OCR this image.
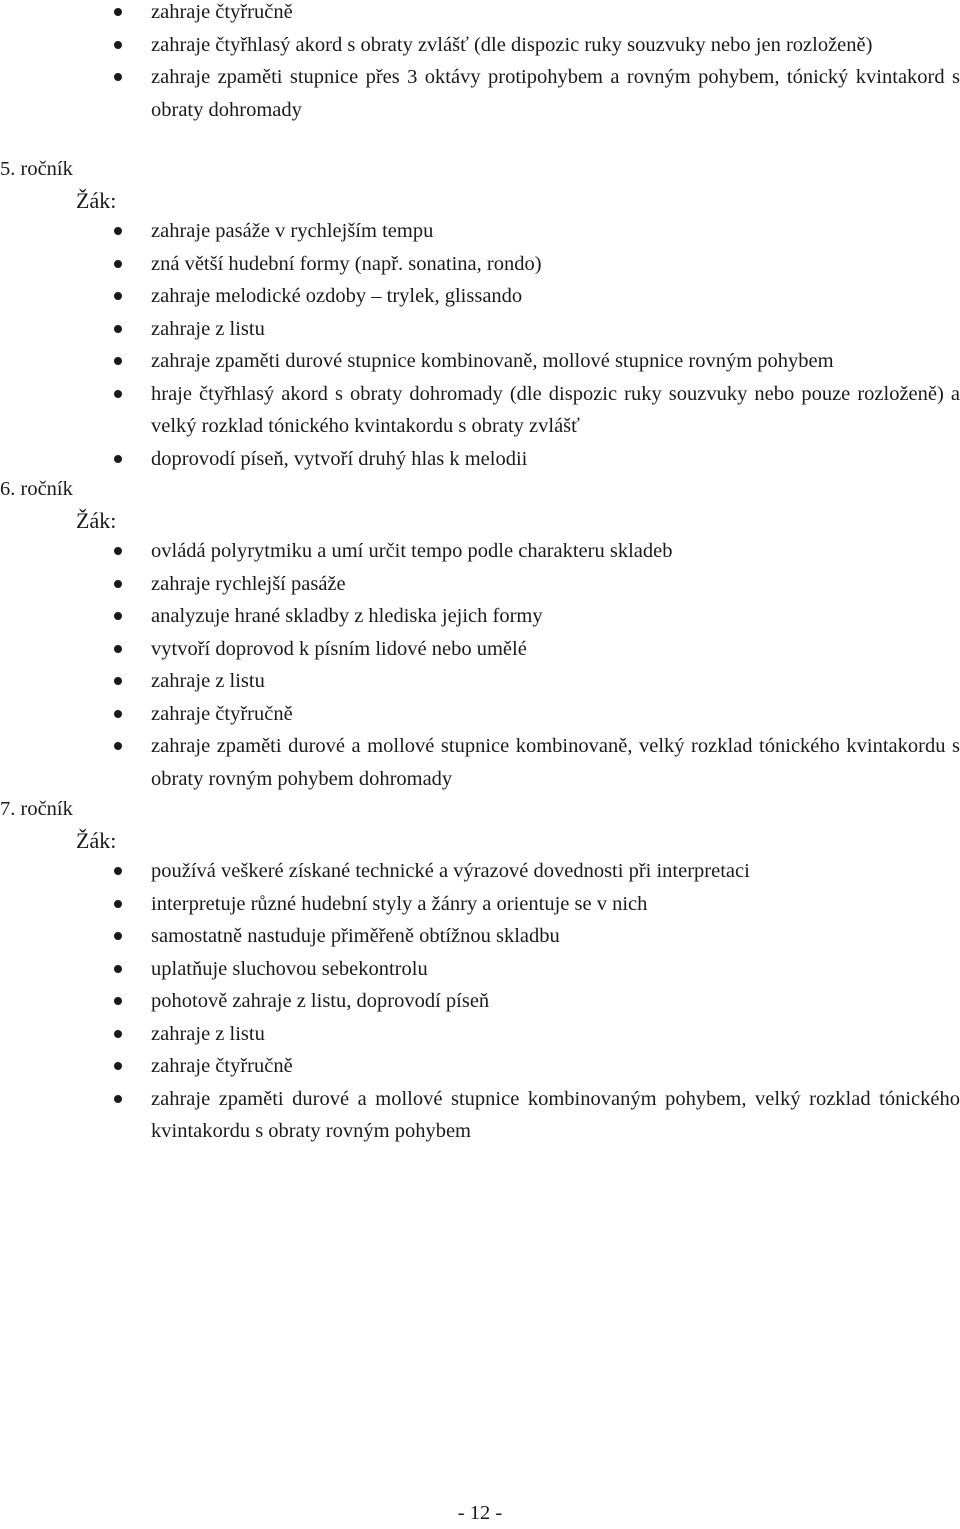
zahraje čtyřručně
zahraje čtyřhlasý akord s obraty zvlášť (dle dispozic ruky souzvuky nebo jen rozloženě)
zahraje zpaměti stupnice přes 3 oktávy protipohybem a rovným pohybem, tónický kvintakord s obraty dohromady

5. ročník

Žák:

zahraje pasáže v rychlejším tempu
zná větší hudební formy (např. sonatina, rondo)
zahraje melodické ozdoby – trylek, glissando
zahraje z listu
zahraje zpaměti durové stupnice kombinovaně, mollové stupnice rovným pohybem
hraje čtyřhlasý akord s obraty dohromady (dle dispozic ruky souzvuky nebo pouze rozloženě) a velký rozklad tónického kvintakordu s obraty zvlášť
doprovodí píseň, vytvoří druhý hlas k melodii

6. ročník

Žák:

ovládá polyrytmiku a umí určit tempo podle charakteru skladeb
zahraje rychlejší pasáže
analyzuje hrané skladby z hlediska jejich formy
vytvoří doprovod k písním lidové nebo umělé
zahraje z listu
zahraje čtyřručně
zahraje zpaměti durové a mollové stupnice kombinovaně, velký rozklad tónického kvintakordu s obraty rovným pohybem dohromady

7. ročník

Žák:

používá veškeré získané technické a výrazové dovednosti při interpretaci
interpretuje různé hudební styly a žánry a orientuje se v nich
samostatně nastuduje přiměřeně obtížnou skladbu
uplatňuje sluchovou sebekontrolu
pohotově zahraje z listu, doprovodí píseň
zahraje z listu
zahraje čtyřručně
zahraje zpaměti durové a mollové stupnice kombinovaným pohybem, velký rozklad tónického kvintakordu s obraty rovným pohybem
- 12 -
